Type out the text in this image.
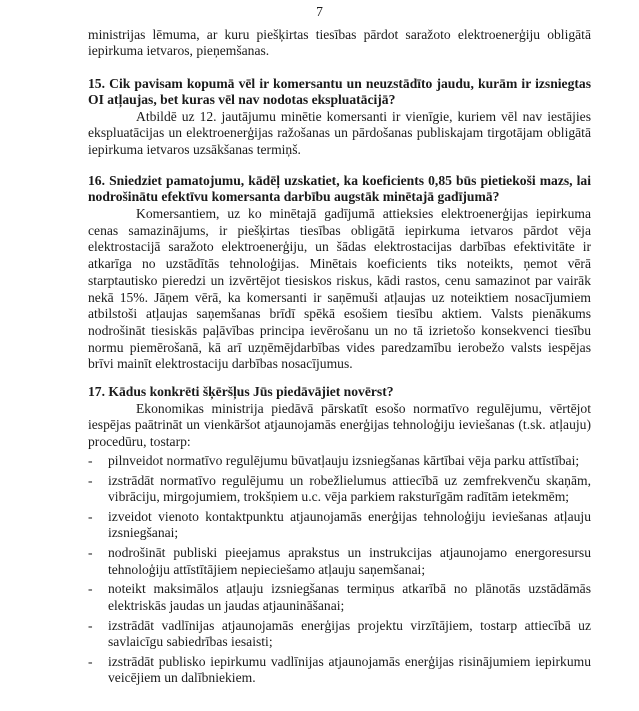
7
ministrijas lēmuma, ar kuru piešķirtas tiesības pārdot saražoto elektroenerģiju obligātā iepirkuma ietvaros, pieņemšanas.
15. Cik pavisam kopumā vēl ir komersantu un neuzstādīto jaudu, kurām ir izsniegtas OI atļaujas, bet kuras vēl nav nodotas ekspluatācijā?
Atbildē uz 12. jautājumu minētie komersanti ir vienīgie, kuriem vēl nav iestājies ekspluatācijas un elektroenerģijas ražošanas un pārdošanas publiskajam tirgotājam obligātā iepirkuma ietvaros uzsākšanas termiņš.
16. Sniedziet pamatojumu, kādēļ uzskatiet, ka koeficients 0,85 būs pietiekoši mazs, lai nodrošinātu efektīvu komersanta darbību augstāk minētajā gadījumā?
Komersantiem, uz ko minētajā gadījumā attieksies elektroenerģijas iepirkuma cenas samazinājums, ir piešķirtas tiesības obligātā iepirkuma ietvaros pārdot vēja elektrostacijā saražoto elektroenerģiju, un šādas elektrostacijas darbības efektivitāte ir atkarīga no uzstādītās tehnoloģijas. Minētais koeficients tiks noteikts, ņemot vērā starptautisko pieredzi un izvērtējot tiesiskos riskus, kādi rastos, cenu samazinot par vairāk nekā 15%. Jāņem vērā, ka komersanti ir saņēmuši atļaujas uz noteiktiem nosacījumiem atbilstoši atļaujas saņemšanas brīdī spēkā esošiem tiesību aktiem. Valsts pienākums nodrošināt tiesiskās paļāvības principa ievērošanu un no tā izrietošo konsekvenci tiesību normu piemērošanā, kā arī uzņēmējdarbības vides paredzamību ierobežo valsts iespējas brīvi mainīt elektrostaciju darbības nosacījumus.
17. Kādus konkrēti šķēršļus Jūs piedāvājiet novērst?
Ekonomikas ministrija piedāvā pārskatīt esošo normatīvo regulējumu, vērtējot iespējas paātrināt un vienkāršot atjaunojamās enerģijas tehnoloģiju ieviešanas (t.sk. atļauju) procedūru, tostarp:
- pilnveidot normatīvo regulējumu būvatļauju izsniegšanas kārtībai vēja parku attīstībai;
- izstrādāt normatīvo regulējumu un robežlielumus attiecībā uz zemfrekvenču skaņām, vibrāciju, mirgojumiem, trokšņiem u.c. vēja parkiem raksturīgām radītām ietekmēm;
- izveidot vienoto kontaktpunktu atjaunojamās enerģijas tehnoloģiju ieviešanas atļauju izsniegšanai;
- nodrošināt publiski pieejamus aprakstus un instrukcijas atjaunojamo energoresursu tehnoloģiju attīstītājiem nepieciešamo atļauju saņemšanai;
- noteikt maksimālos atļauju izsniegšanas termiņus atkarībā no plānotās uzstādāmās elektriskās jaudas un jaudas atjaunināšanai;
- izstrādāt vadlīnijas atjaunojamās enerģijas projektu virzītājiem, tostarp attiecībā uz savlaicīgu sabiedrības iesaisti;
- izstrādāt publisko iepirkumu vadlīnijas atjaunojamās enerģijas risinājumiem iepirkumu veicējiem un dalībniekiem.
